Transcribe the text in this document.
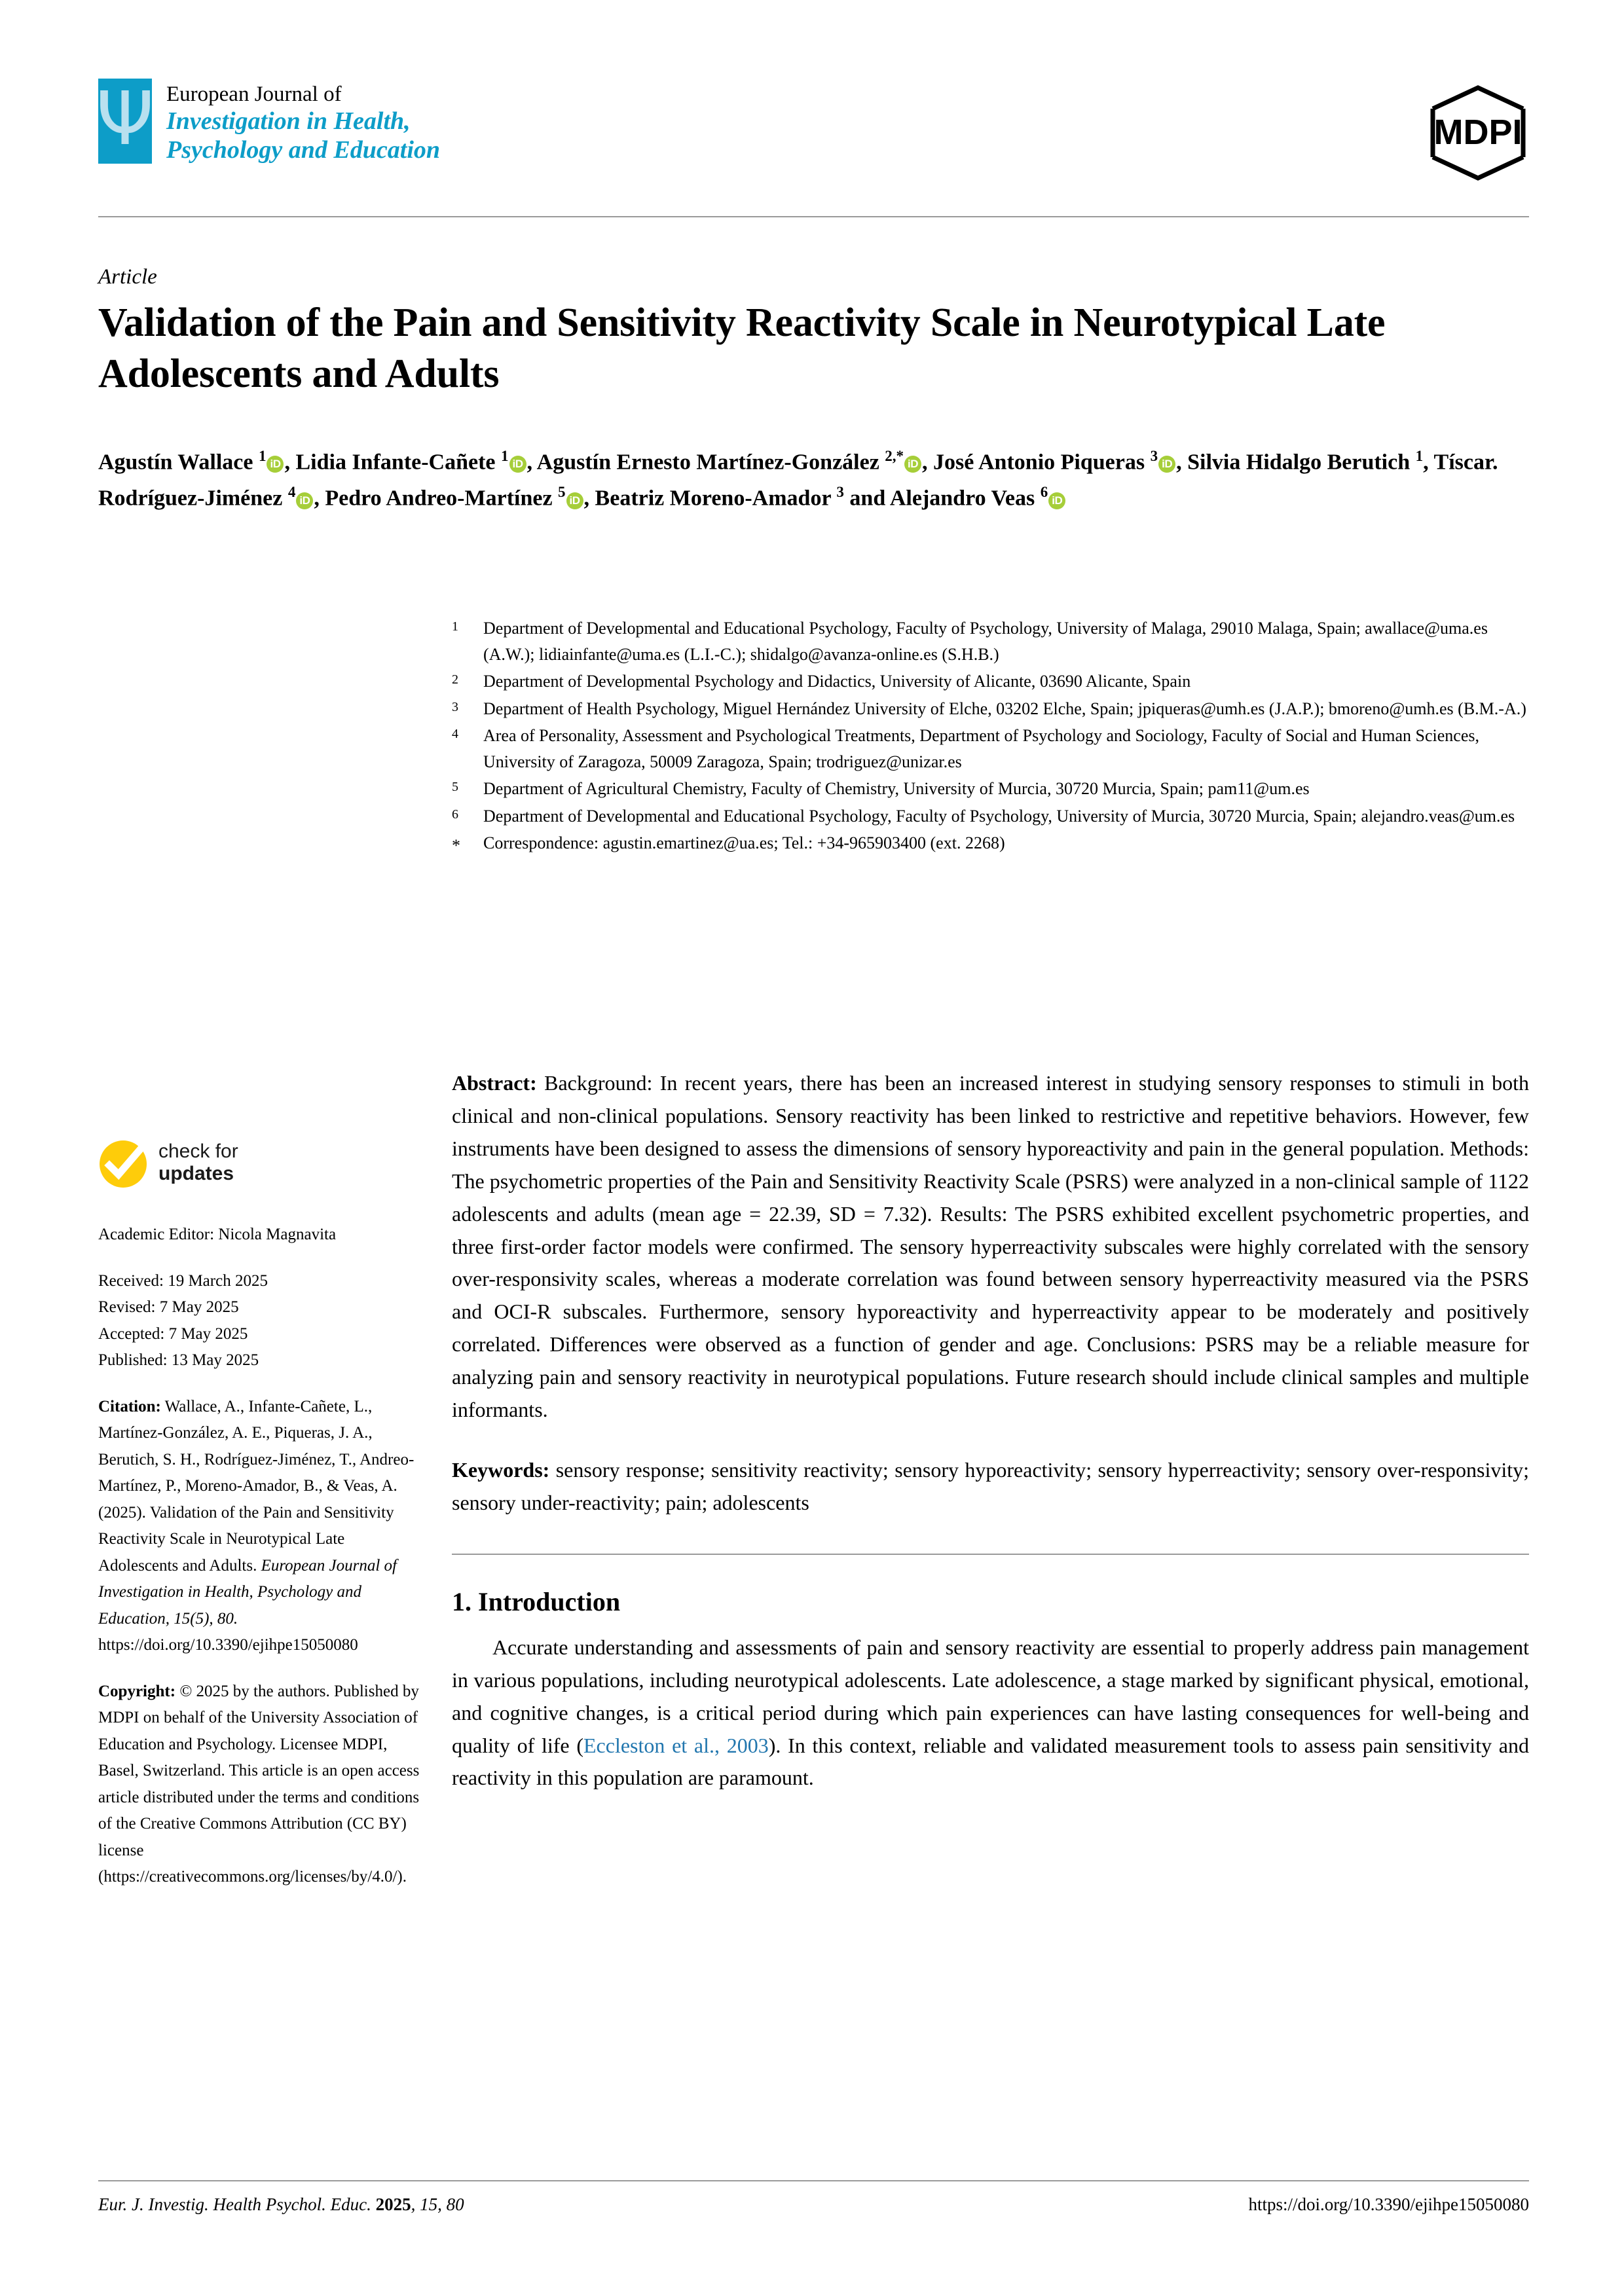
Ψ European Journal of
Investigation in Health,
Psychology and Education	MDPI
Article
Validation of the Pain and Sensitivity Reactivity Scale in Neurotypical Late Adolescents and Adults
Agustín Wallace $^1$ iD , Lidia Infante-Cañete $^1$ iD , Agustín Ernesto Martínez-González $^{2,*}$ iD , José Antonio Piqueras $^3$ iD , Silvia Hidalgo Berutich $^1$, Tíscar. Rodríguez-Jiménez $^4$ iD , Pedro Andreo-Martínez $^5$ iD , Beatriz Moreno-Amador $^3$ and Alejandro Veas $^6$ iD
1	Department of Developmental and Educational Psychology, Faculty of Psychology, University of Malaga, 29010 Malaga, Spain; awallace@uma.es (A.W.); lidiainfante@uma.es (L.I.-C.); shidalgo@avanza-online.es (S.H.B.)
2	Department of Developmental Psychology and Didactics, University of Alicante, 03690 Alicante, Spain
3	Department of Health Psychology, Miguel Hernández University of Elche, 03202 Elche, Spain; jpiqueras@umh.es (J.A.P.); bmoreno@umh.es (B.M.-A.)
4	Area of Personality, Assessment and Psychological Treatments, Department of Psychology and Sociology, Faculty of Social and Human Sciences, University of Zaragoza, 50009 Zaragoza, Spain; trodriguez@unizar.es
5	Department of Agricultural Chemistry, Faculty of Chemistry, University of Murcia, 30720 Murcia, Spain; pam11@um.es
6	Department of Developmental and Educational Psychology, Faculty of Psychology, University of Murcia, 30720 Murcia, Spain; alejandro.veas@um.es
*	Correspondence: agustin.emartinez@ua.es; Tel.: +34-965903400 (ext. 2268)
check for
updates
Academic Editor: Nicola Magnavita
Received: 19 March 2025
Revised: 7 May 2025
Accepted: 7 May 2025
Published: 13 May 2025
Citation: Wallace, A., Infante-Cañete, L., Martínez-González, A. E., Piqueras, J. A., Berutich, S. H., Rodríguez-Jiménez, T., Andreo-Martínez, P., Moreno-Amador, B., & Veas, A. (2025). Validation of the Pain and Sensitivity Reactivity Scale in Neurotypical Late Adolescents and Adults. European Journal of Investigation in Health, Psychology and Education, 15(5), 80. https://doi.org/10.3390/ejihpe15050080
Copyright: © 2025 by the authors. Published by MDPI on behalf of the University Association of Education and Psychology. Licensee MDPI, Basel, Switzerland. This article is an open access article distributed under the terms and conditions of the Creative Commons Attribution (CC BY) license (https://creativecommons.org/licenses/by/4.0/).
Abstract: Background: In recent years, there has been an increased interest in studying sensory responses to stimuli in both clinical and non-clinical populations. Sensory reactivity has been linked to restrictive and repetitive behaviors. However, few instruments have been designed to assess the dimensions of sensory hyporeactivity and pain in the general population. Methods: The psychometric properties of the Pain and Sensitivity Reactivity Scale (PSRS) were analyzed in a non-clinical sample of 1122 adolescents and adults (mean age = 22.39, SD = 7.32). Results: The PSRS exhibited excellent psychometric properties, and three first-order factor models were confirmed. The sensory hyperreactivity subscales were highly correlated with the sensory over-responsivity scales, whereas a moderate correlation was found between sensory hyperreactivity measured via the PSRS and OCI-R subscales. Furthermore, sensory hyporeactivity and hyperreactivity appear to be moderately and positively correlated. Differences were observed as a function of gender and age. Conclusions: PSRS may be a reliable measure for analyzing pain and sensory reactivity in neurotypical populations. Future research should include clinical samples and multiple informants.
Keywords: sensory response; sensitivity reactivity; sensory hyporeactivity; sensory hyperreactivity; sensory over-responsivity; sensory under-reactivity; pain; adolescents
1. Introduction
Accurate understanding and assessments of pain and sensory reactivity are essential to properly address pain management in various populations, including neurotypical adolescents. Late adolescence, a stage marked by significant physical, emotional, and cognitive changes, is a critical period during which pain experiences can have lasting consequences for well-being and quality of life (Eccleston et al., 2003). In this context, reliable and validated measurement tools to assess pain sensitivity and reactivity in this population are paramount.
Eur. J. Investig. Health Psychol. Educ. 2025, 15, 80	https://doi.org/10.3390/ejihpe15050080
